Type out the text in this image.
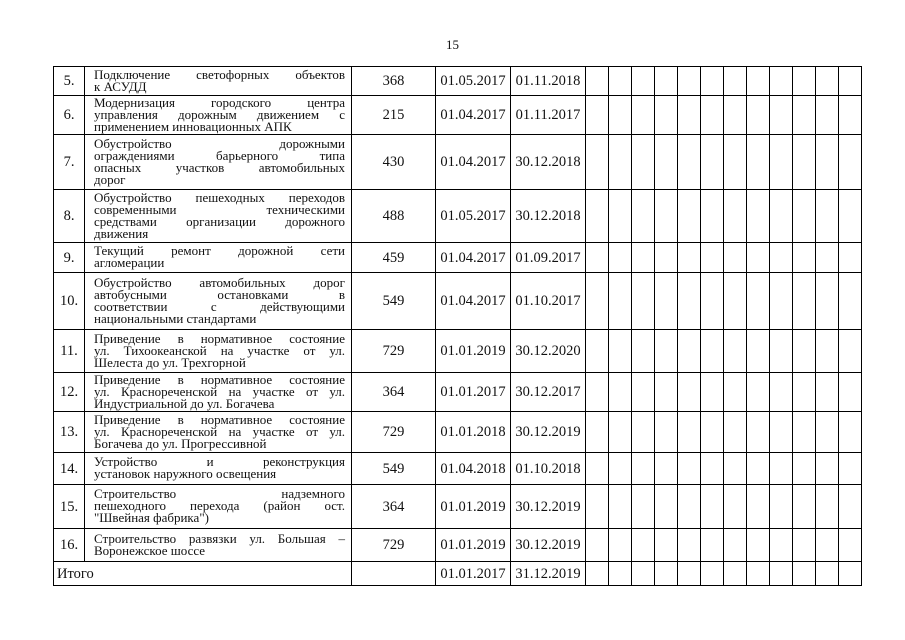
15
5.	Подключение светофорных объектов
к АСУДД	368	01.05.2017	01.11.2018												
6.	Модернизация городского центра
управления дорожным движением с
применением инновационных АПК	215	01.04.2017	01.11.2017												
7.	Обустройство дорожными
ограждениями барьерного типа
опасных участков автомобильных
дорог	430	01.04.2017	30.12.2018												
8.	Обустройство пешеходных переходов
современными техническими
средствами организации дорожного
движения	488	01.05.2017	30.12.2018												
9.	Текущий ремонт дорожной сети
агломерации	459	01.04.2017	01.09.2017												
10.	Обустройство автомобильных дорог
автобусными остановками в
соответствии с действующими
национальными стандартами	549	01.04.2017	01.10.2017												
11.	Приведение в нормативное состояние
ул. Тихоокеанской на участке от ул.
Шелеста до ул. Трехгорной	729	01.01.2019	30.12.2020												
12.	Приведение в нормативное состояние
ул. Краснореченской на участке от ул.
Индустриальной до ул. Богачева	364	01.01.2017	30.12.2017												
13.	Приведение в нормативное состояние
ул. Краснореченской на участке от ул.
Богачева до ул. Прогрессивной	729	01.01.2018	30.12.2019												
14.	Устройство и реконструкция
установок наружного освещения	549	01.04.2018	01.10.2018												
15.	Строительство надземного
пешеходного перехода (район ост.
"Швейная фабрика")	364	01.01.2019	30.12.2019												
16.	Строительство развязки ул. Большая –
Воронежское шоссе	729	01.01.2019	30.12.2019												
Итого			01.01.2017	31.12.2019												
